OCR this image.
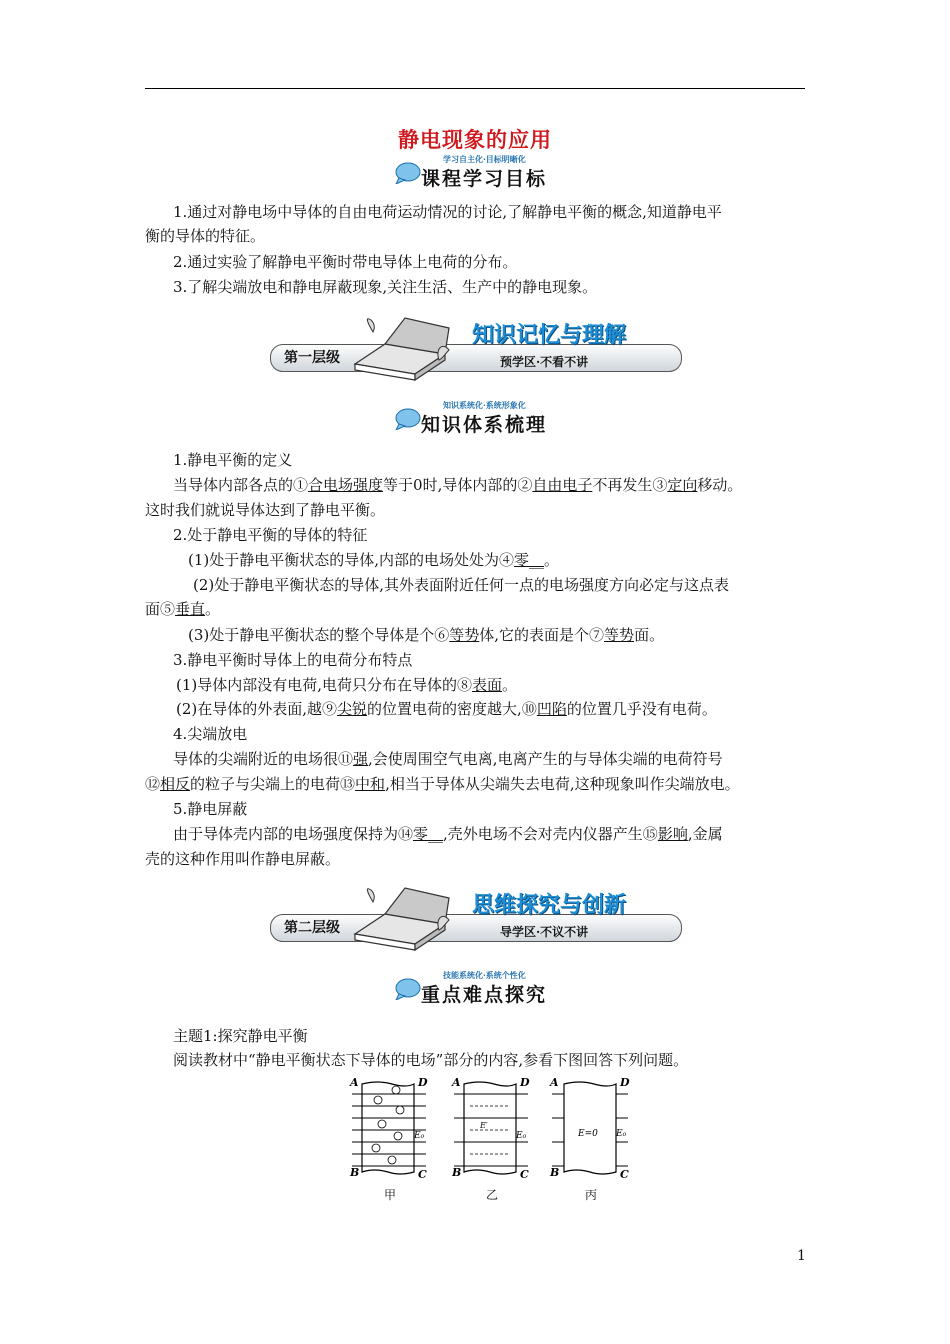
静电现象的应用
学习自主化·目标明晰化
课程学习目标
1.通过对静电场中导体的自由电荷运动情况的讨论,了解静电平衡的概念,知道静电平
衡的导体的特征。
2.通过实验了解静电平衡时带电导体上电荷的分布。
3.了解尖端放电和静电屏蔽现象,关注生活、生产中的静电现象。
第一层级
知识记忆与理解
预学区·不看不讲
知识系统化·系统形象化
知识体系梳理
1.静电平衡的定义
当导体内部各点的①合电场强度等于0时,导体内部的②自由电子不再发生③定向移动。
这时我们就说导体达到了静电平衡。
2.处于静电平衡的导体的特征
(1)处于静电平衡状态的导体,内部的电场处处为④零__。
(2)处于静电平衡状态的导体,其外表面附近任何一点的电场强度方向必定与这点表
面⑤垂直。
(3)处于静电平衡状态的整个导体是个⑥等势体,它的表面是个⑦等势面。
3.静电平衡时导体上的电荷分布特点
(1)导体内部没有电荷,电荷只分布在导体的⑧表面。
(2)在导体的外表面,越⑨尖锐的位置电荷的密度越大,⑩凹陷的位置几乎没有电荷。
4.尖端放电
导体的尖端附近的电场很⑪强,会使周围空气电离,电离产生的与导体尖端的电荷符号
⑫相反的粒子与尖端上的电荷⑬中和,相当于导体从尖端失去电荷,这种现象叫作尖端放电。
5.静电屏蔽
由于导体壳内部的电场强度保持为⑭零__,壳外电场不会对壳内仪器产生⑮影响,金属
壳的这种作用叫作静电屏蔽。
第二层级
思维探究与创新
导学区·不议不讲
技能系统化·系统个性化
重点难点探究
主题1:探究静电平衡
阅读教材中“静电平衡状态下导体的电场”部分的内容,参看下图回答下列问题。
A	D
B	C
E₀
甲
A	D
B	C
E′
E₀
乙
A	D
B	C
E=0 E₀
丙
1
